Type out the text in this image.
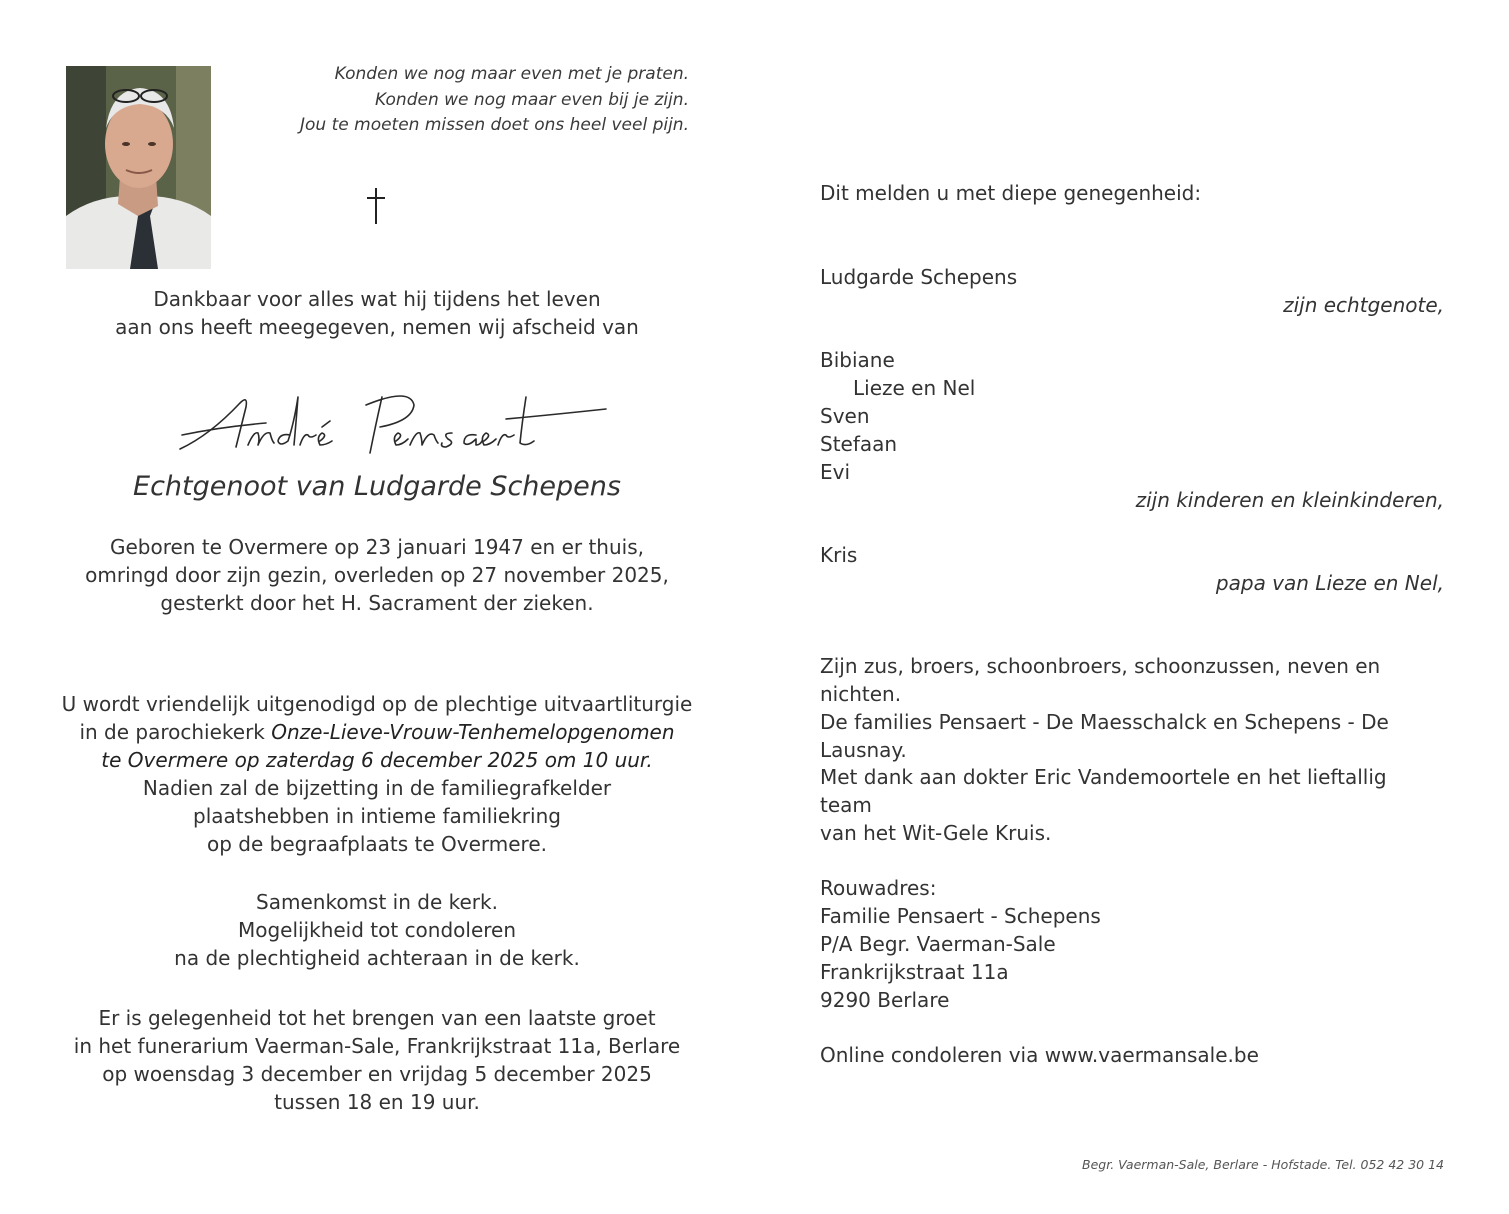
Konden we nog maar even met je praten.
Konden we nog maar even bij je zijn.
Jou te moeten missen doet ons heel veel pijn.
Dankbaar voor alles wat hij tijdens het leven
aan ons heeft meegegeven, nemen wij afscheid van
Echtgenoot van Ludgarde Schepens
Geboren te Overmere op 23 januari 1947 en er thuis,
omringd door zijn gezin, overleden op 27 november 2025,
gesterkt door het H. Sacrament der zieken.
U wordt vriendelijk uitgenodigd op de plechtige uitvaartliturgie
in de parochiekerk Onze-Lieve-Vrouw-Tenhemelopgenomen
te Overmere op zaterdag 6 december 2025 om 10 uur.
Nadien zal de bijzetting in de familiegrafkelder
plaatshebben in intieme familiekring
op de begraafplaats te Overmere.
Samenkomst in de kerk.
Mogelijkheid tot condoleren
na de plechtigheid achteraan in de kerk.
Er is gelegenheid tot het brengen van een laatste groet
in het funerarium Vaerman-Sale, Frankrijkstraat 11a, Berlare
op woensdag 3 december en vrijdag 5 december 2025
tussen 18 en 19 uur.
Dit melden u met diepe genegenheid:
Ludgarde Schepens
zijn echtgenote,
Bibiane
Lieze en Nel
Sven
Stefaan
Evi
zijn kinderen en kleinkinderen,
Kris
papa van Lieze en Nel,
Zijn zus, broers, schoonbroers, schoonzussen, neven en nichten.
De families Pensaert - De Maesschalck en Schepens - De Lausnay.
Met dank aan dokter Eric Vandemoortele en het lieftallig team
van het Wit-Gele Kruis.
Rouwadres:
Familie Pensaert - Schepens
P/A Begr. Vaerman-Sale
Frankrijkstraat 11a
9290 Berlare
Online condoleren via www.vaermansale.be
Begr. Vaerman-Sale, Berlare - Hofstade. Tel. 052 42 30 14
